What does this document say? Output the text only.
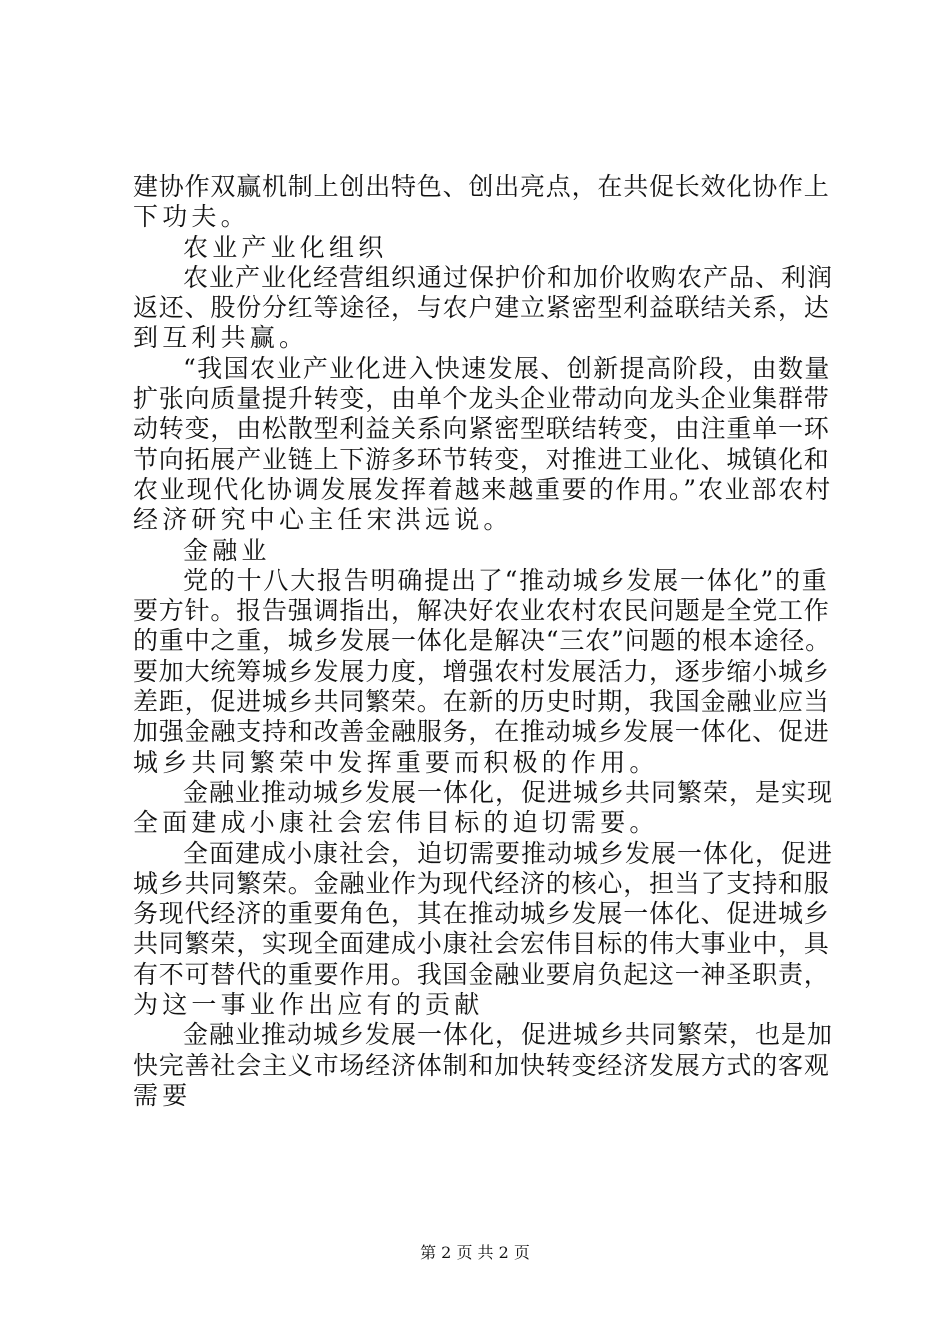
建协作双赢机制上创出特色、创出亮点，在共促长效化协作上
下功夫。
农业产业化组织
农业产业化经营组织通过保护价和加价收购农产品、利润
返还、股份分红等途径，与农户建立紧密型利益联结关系，达
到互利共赢。
“我国农业产业化进入快速发展、创新提高阶段，由数量
扩张向质量提升转变，由单个龙头企业带动向龙头企业集群带
动转变，由松散型利益关系向紧密型联结转变，由注重单一环
节向拓展产业链上下游多环节转变，对推进工业化、城镇化和
农业现代化协调发展发挥着越来越重要的作用。”农业部农村
经济研究中心主任宋洪远说。
金融业
党的十八大报告明确提出了“推动城乡发展一体化”的重
要方针。报告强调指出，解决好农业农村农民问题是全党工作
的重中之重，城乡发展一体化是解决“三农”问题的根本途径。
要加大统筹城乡发展力度，增强农村发展活力，逐步缩小城乡
差距，促进城乡共同繁荣。在新的历史时期，我国金融业应当
加强金融支持和改善金融服务，在推动城乡发展一体化、促进
城乡共同繁荣中发挥重要而积极的作用。
金融业推动城乡发展一体化，促进城乡共同繁荣，是实现
全面建成小康社会宏伟目标的迫切需要。
全面建成小康社会，迫切需要推动城乡发展一体化，促进
城乡共同繁荣。金融业作为现代经济的核心，担当了支持和服
务现代经济的重要角色，其在推动城乡发展一体化、促进城乡
共同繁荣，实现全面建成小康社会宏伟目标的伟大事业中，具
有不可替代的重要作用。我国金融业要肩负起这一神圣职责，
为这一事业作出应有的贡献
金融业推动城乡发展一体化，促进城乡共同繁荣，也是加
快完善社会主义市场经济体制和加快转变经济发展方式的客观
需要
第 2 页 共 2 页
